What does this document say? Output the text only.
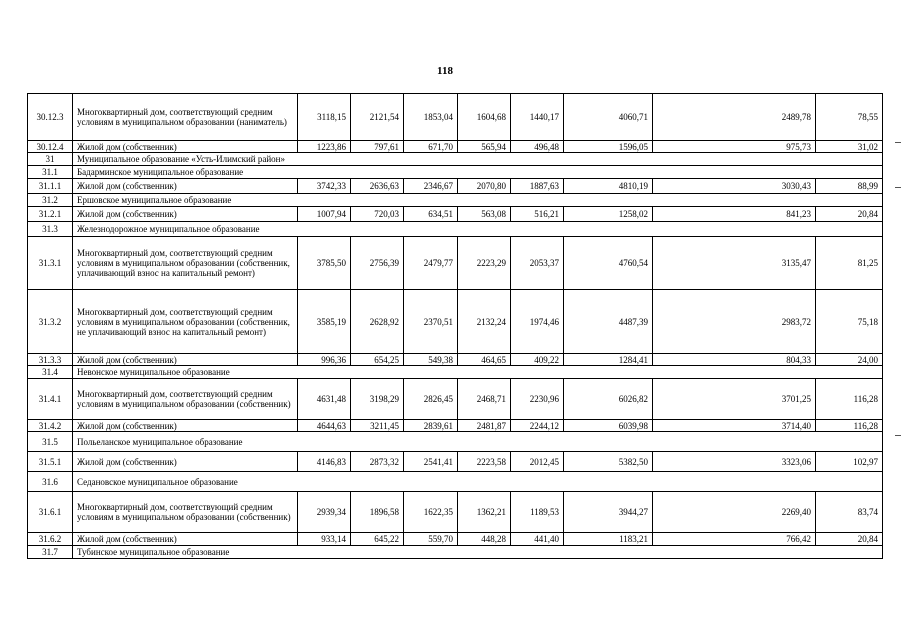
118
30.12.3	Многоквартирный дом, соответствующий средним условиям в муниципальном образовании (наниматель)	3118,15	2121,54	1853,04	1604,68	1440,17	4060,71	2489,78	78,55
30.12.4	Жилой дом (собственник)	1223,86	797,61	671,70	565,94	496,48	1596,05	975,73	31,02
31	Муниципальное образование «Усть-Илимский район»								
31.1	Бадарминское муниципальное образование								
31.1.1	Жилой дом (собственник)	3742,33	2636,63	2346,67	2070,80	1887,63	4810,19	3030,43	88,99
31.2	Ершовское муниципальное образование								
31.2.1	Жилой дом (собственник)	1007,94	720,03	634,51	563,08	516,21	1258,02	841,23	20,84
31.3	Железнодорожное муниципальное образование								
31.3.1	Многоквартирный дом, соответствующий средним условиям в муниципальном образовании (собственник, уплачивающий взнос на капитальный ремонт)	3785,50	2756,39	2479,77	2223,29	2053,37	4760,54	3135,47	81,25
31.3.2	Многоквартирный дом, соответствующий средним условиям в муниципальном образовании (собственник, не уплачивающий взнос на капитальный ремонт)	3585,19	2628,92	2370,51	2132,24	1974,46	4487,39	2983,72	75,18
31.3.3	Жилой дом (собственник)	996,36	654,25	549,38	464,65	409,22	1284,41	804,33	24,00
31.4	Невонское муниципальное образование								
31.4.1	Многоквартирный дом, соответствующий средним условиям в муниципальном образовании (собственник)	4631,48	3198,29	2826,45	2468,71	2230,96	6026,82	3701,25	116,28
31.4.2	Жилой дом (собственник)	4644,63	3211,45	2839,61	2481,87	2244,12	6039,98	3714,40	116,28
31.5	Польеланское муниципальное образование								
31.5.1	Жилой дом (собственник)	4146,83	2873,32	2541,41	2223,58	2012,45	5382,50	3323,06	102,97
31.6	Седановское муниципальное образование								
31.6.1	Многоквартирный дом, соответствующий средним условиям в муниципальном образовании (собственник)	2939,34	1896,58	1622,35	1362,21	1189,53	3944,27	2269,40	83,74
31.6.2	Жилой дом (собственник)	933,14	645,22	559,70	448,28	441,40	1183,21	766,42	20,84
31.7	Тубинское муниципальное образование								
